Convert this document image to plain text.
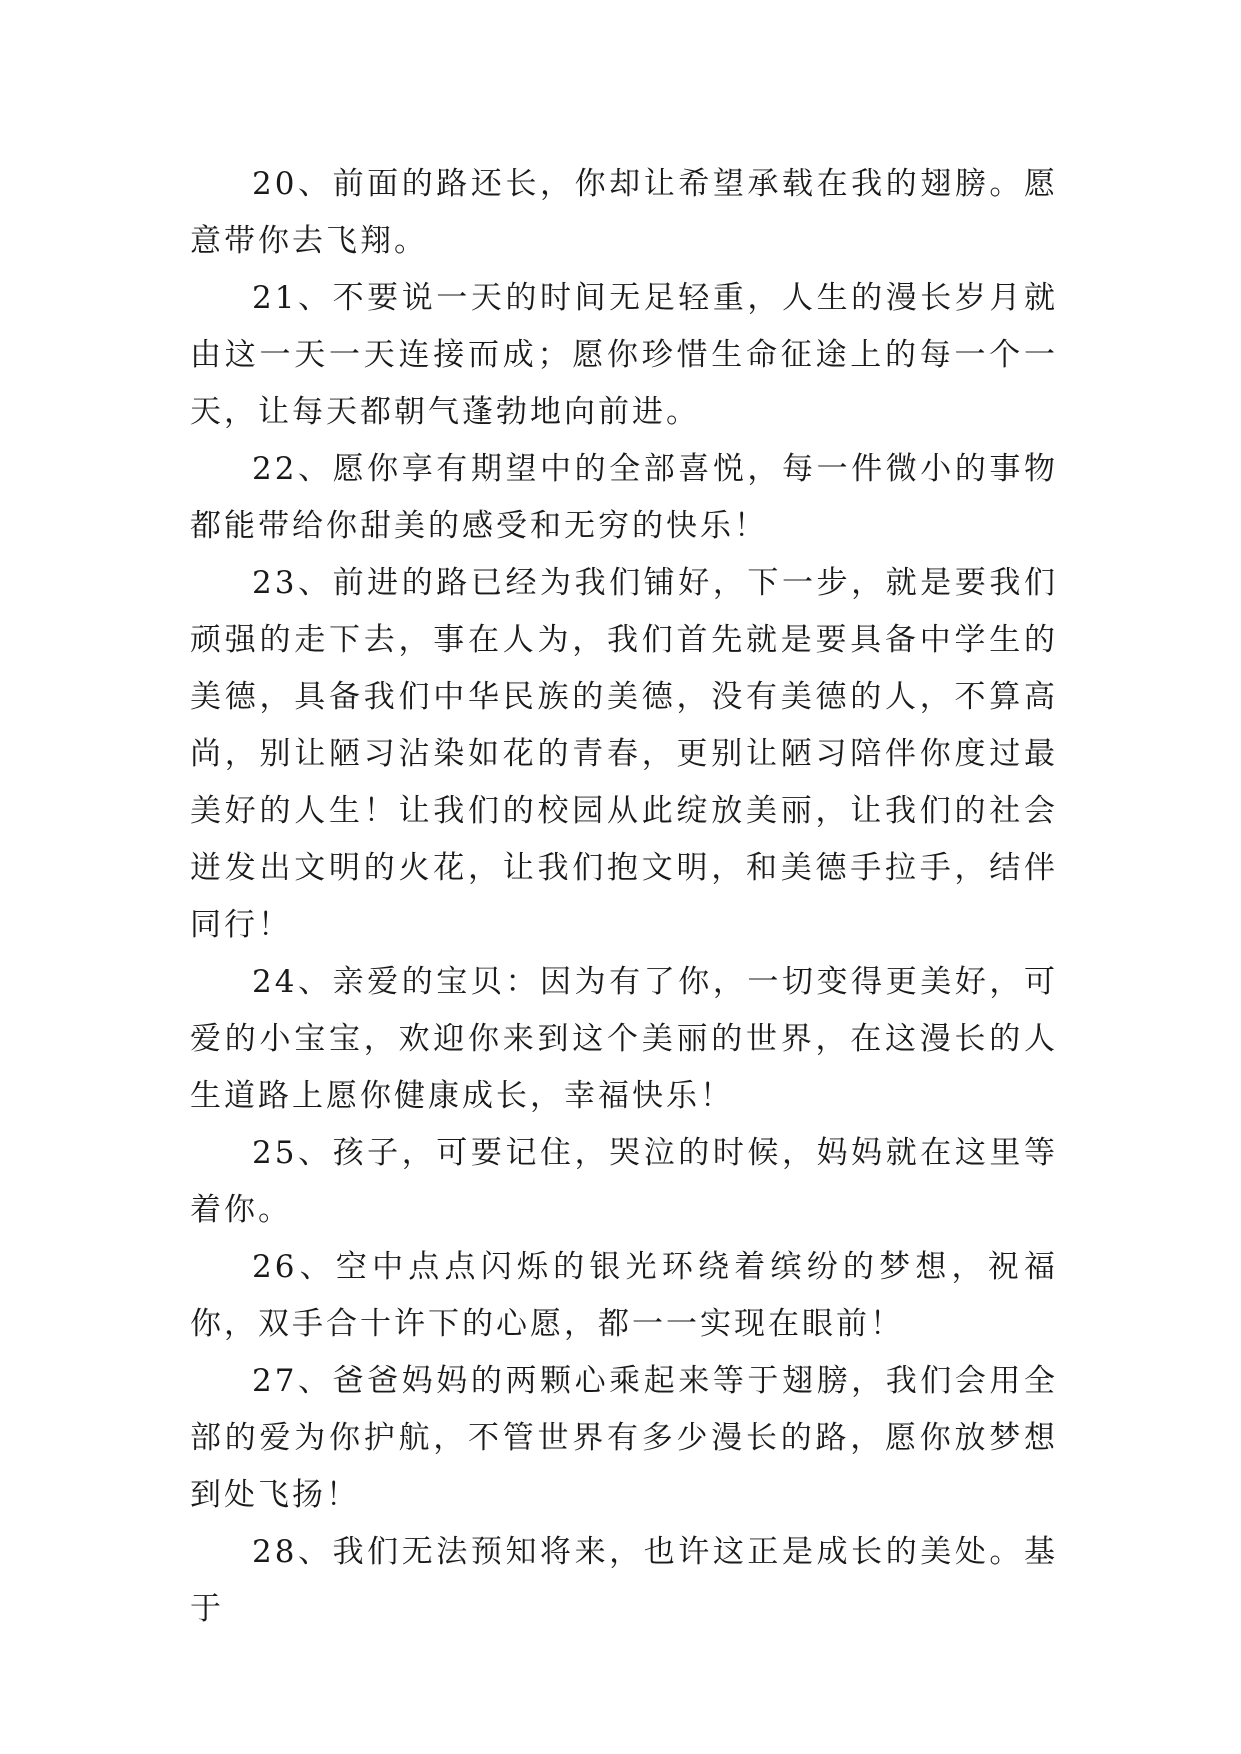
20、前面的路还长，你却让希望承载在我的翅膀。愿意带你去飞翔。

21、不要说一天的时间无足轻重，人生的漫长岁月就由这一天一天连接而成；愿你珍惜生命征途上的每一个一天，让每天都朝气蓬勃地向前进。

22、愿你享有期望中的全部喜悦，每一件微小的事物都能带给你甜美的感受和无穷的快乐！

23、前进的路已经为我们铺好，下一步，就是要我们顽强的走下去，事在人为，我们首先就是要具备中学生的美德，具备我们中华民族的美德，没有美德的人，不算高尚，别让陋习沾染如花的青春，更别让陋习陪伴你度过最美好的人生！让我们的校园从此绽放美丽，让我们的社会迸发出文明的火花，让我们抱文明，和美德手拉手，结伴同行！

24、亲爱的宝贝：因为有了你，一切变得更美好，可爱的小宝宝，欢迎你来到这个美丽的世界，在这漫长的人生道路上愿你健康成长，幸福快乐！

25、孩子，可要记住，哭泣的时候，妈妈就在这里等着你。

26、空中点点闪烁的银光环绕着缤纷的梦想，祝福你，双手合十许下的心愿，都一一实现在眼前！

27、爸爸妈妈的两颗心乘起来等于翅膀，我们会用全部的爱为你护航，不管世界有多少漫长的路，愿你放梦想到处飞扬！

28、我们无法预知将来，也许这正是成长的美处。基于
